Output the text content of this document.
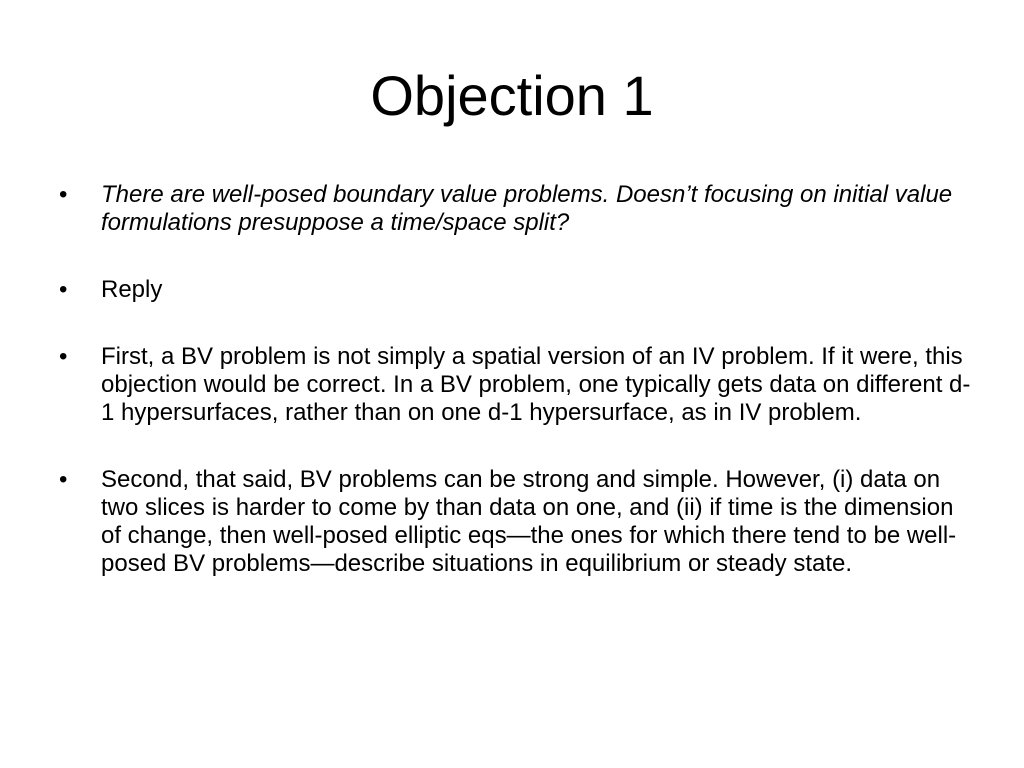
Objection 1
• There are well-posed boundary value problems. Doesn’t focusing on initial value formulations presuppose a time/space split?
• Reply
• First, a BV problem is not simply a spatial version of an IV problem. If it were, this objection would be correct. In a BV problem, one typically gets data on different d-1 hypersurfaces, rather than on one d-1 hypersurface, as in IV problem.
• Second, that said, BV problems can be strong and simple. However, (i) data on two slices is harder to come by than data on one, and (ii) if time is the dimension of change, then well-posed elliptic eqs—the ones for which there tend to be well-posed BV problems—describe situations in equilibrium or steady state.
